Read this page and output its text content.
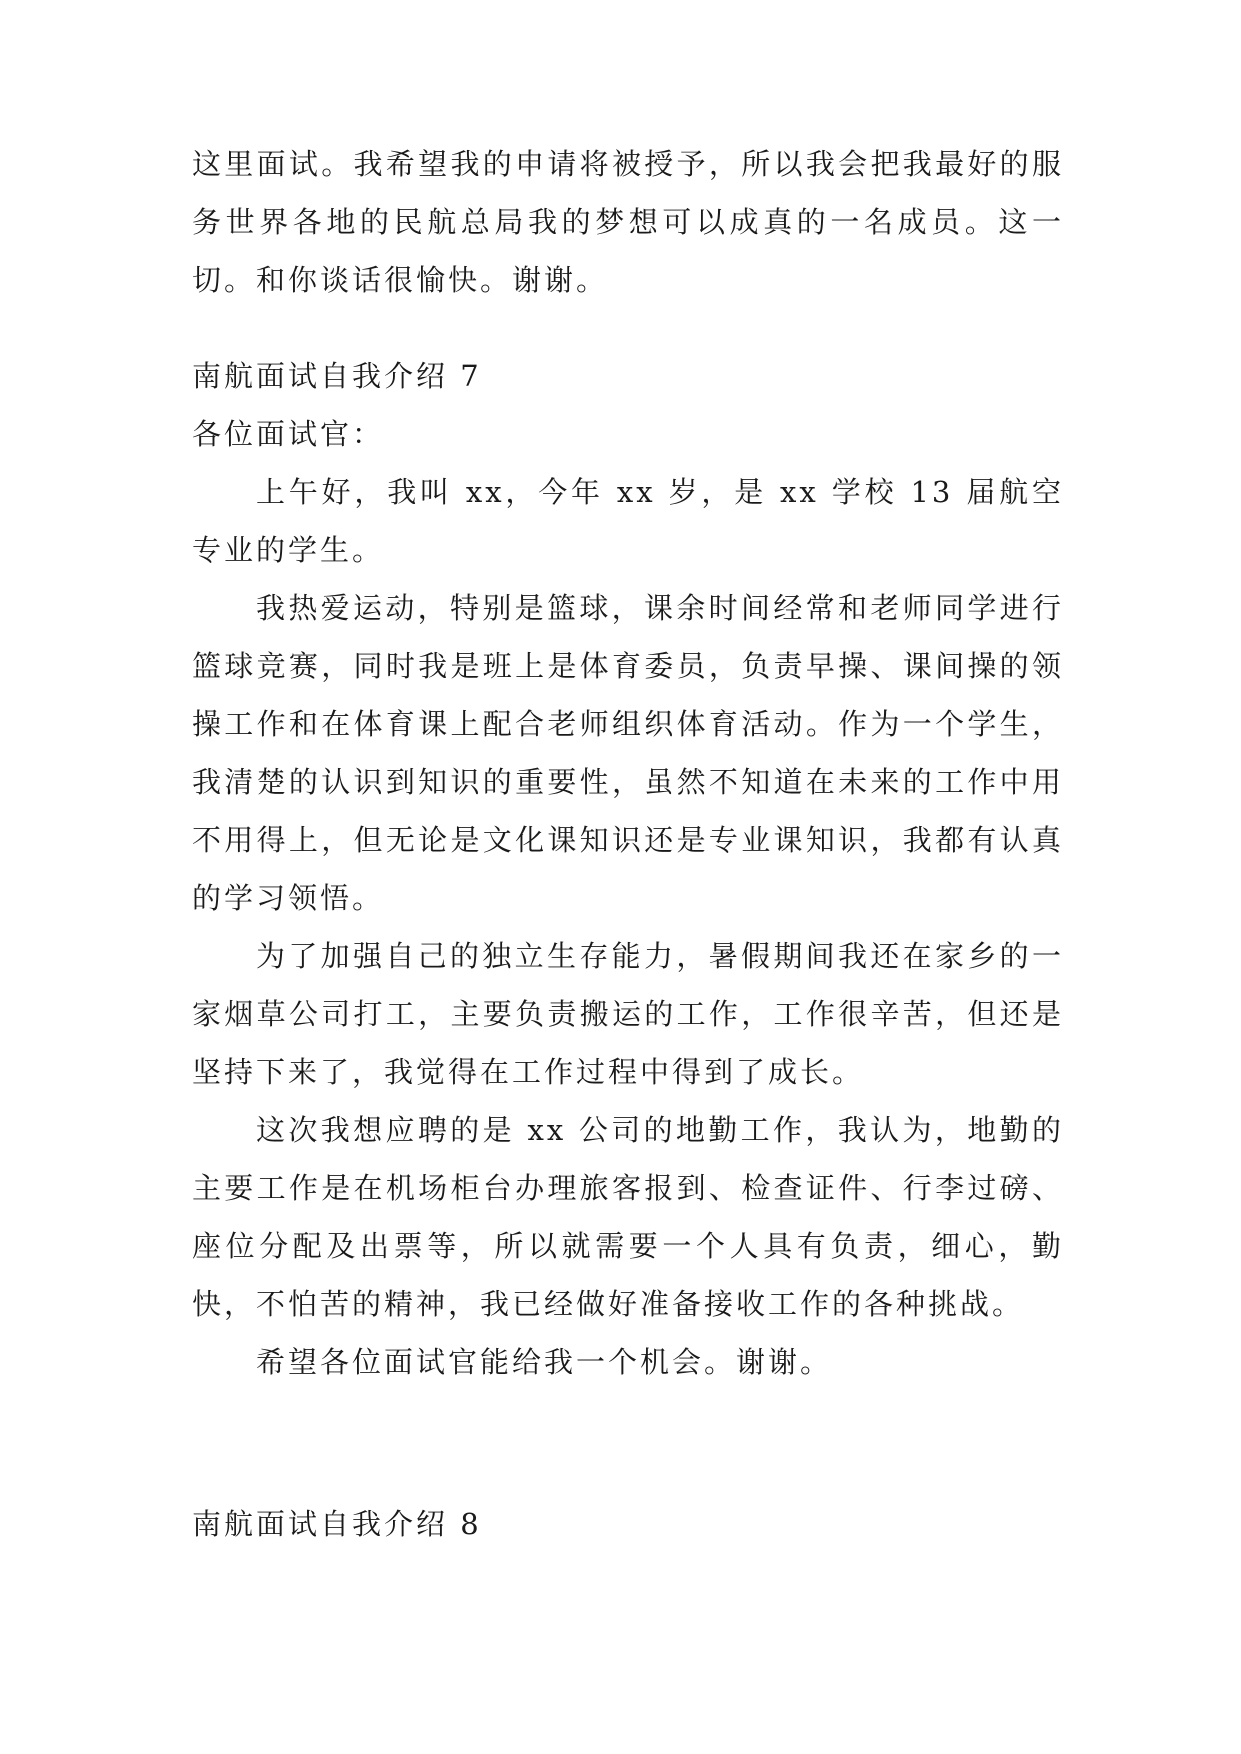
这里面试。我希望我的申请将被授予，所以我会把我最好的服务世界各地的民航总局我的梦想可以成真的一名成员。这一切。和你谈话很愉快。谢谢。

南航面试自我介绍 7

各位面试官：

上午好，我叫 xx，今年 xx 岁，是 xx 学校 13 届航空专业的学生。

我热爱运动，特别是篮球，课余时间经常和老师同学进行篮球竞赛，同时我是班上是体育委员，负责早操、课间操的领操工作和在体育课上配合老师组织体育活动。作为一个学生，我清楚的认识到知识的重要性，虽然不知道在未来的工作中用不用得上，但无论是文化课知识还是专业课知识，我都有认真的学习领悟。

为了加强自己的独立生存能力，暑假期间我还在家乡的一家烟草公司打工，主要负责搬运的工作，工作很辛苦，但还是坚持下来了，我觉得在工作过程中得到了成长。

这次我想应聘的是 xx 公司的地勤工作，我认为，地勤的主要工作是在机场柜台办理旅客报到、检查证件、行李过磅、座位分配及出票等，所以就需要一个人具有负责，细心，勤快，不怕苦的精神，我已经做好准备接收工作的各种挑战。

希望各位面试官能给我一个机会。谢谢。

南航面试自我介绍 8
